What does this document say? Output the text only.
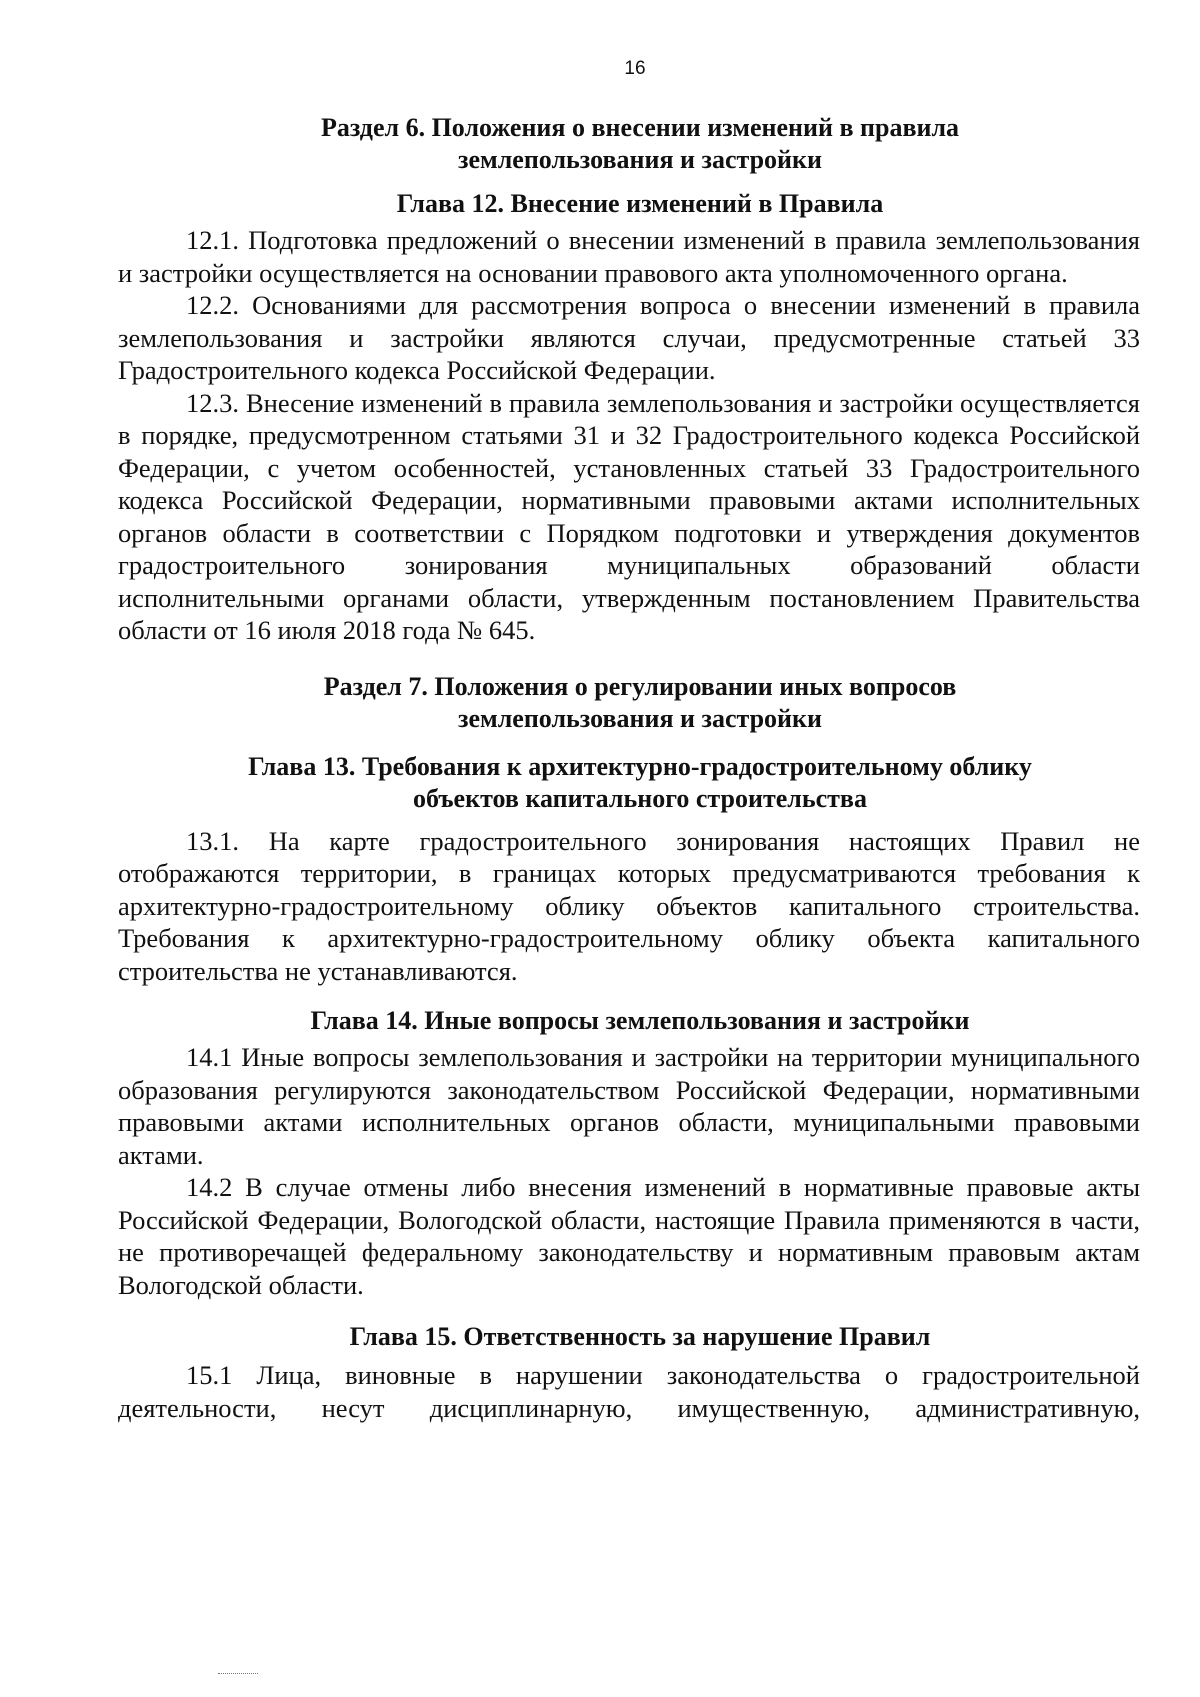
16
Раздел 6. Положения о внесении изменений в правила
землепользования и застройки
Глава 12. Внесение изменений в Правила

12.1. Подготовка предложений о внесении изменений в правила землепользования и застройки осуществляется на основании правового акта уполномоченного органа.

12.2. Основаниями для рассмотрения вопроса о внесении изменений в правила землепользования и застройки являются случаи, предусмотренные статьей 33 Градостроительного кодекса Российской Федерации.

12.3. Внесение изменений в правила землепользования и застройки осуществляется в порядке, предусмотренном статьями 31 и 32 Градостроительного кодекса Российской Федерации, с учетом особенностей, установленных статьей 33 Градостроительного кодекса Российской Федерации, нормативными правовыми актами исполнительных органов области в соответствии с Порядком подготовки и утверждения документов градостроительного зонирования муниципальных образований области исполнительными органами области, утвержденным постановлением Правительства области от 16 июля 2018 года № 645.

Раздел 7. Положения о регулировании иных вопросов
землепользования и застройки
Глава 13. Требования к архитектурно-градостроительному облику
объектов капитального строительства

13.1. На карте градостроительного зонирования настоящих Правил не отображаются территории, в границах которых предусматриваются требования к архитектурно-градостроительному облику объектов капитального строительства. Требования к архитектурно-градостроительному облику объекта капитального строительства не устанавливаются.

Глава 14. Иные вопросы землепользования и застройки

14.1 Иные вопросы землепользования и застройки на территории муниципального образования регулируются законодательством Российской Федерации, нормативными правовыми актами исполнительных органов области, муниципальными правовыми актами.

14.2 В случае отмены либо внесения изменений в нормативные правовые акты Российской Федерации, Вологодской области, настоящие Правила применяются в части, не противоречащей федеральному законодательству и нормативным правовым актам Вологодской области.

Глава 15. Ответственность за нарушение Правил

15.1 Лица, виновные в нарушении законодательства о градостроительной деятельности, несут дисциплинарную, имущественную, административную,
